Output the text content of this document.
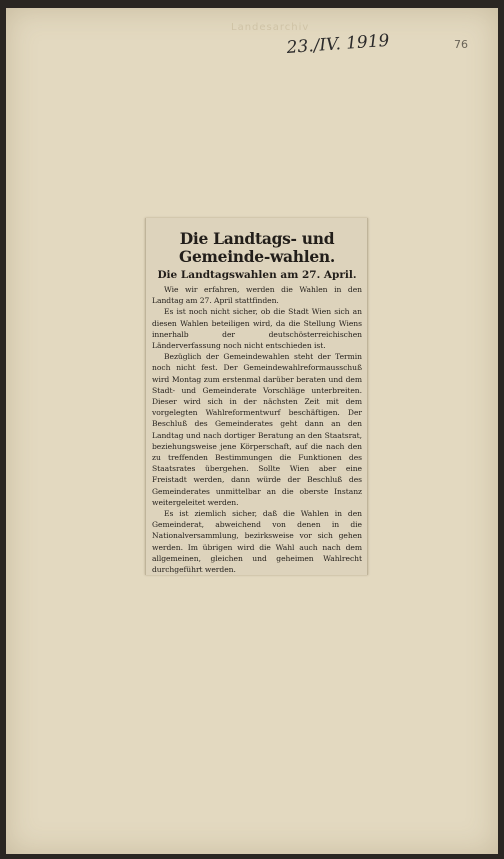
Landesarchiv
23./IV. 1919	76
Die Landtags- und Gemeinde-wahlen.
Die Landtagswahlen am 27. April.

Wie wir erfahren, werden die Wahlen in den Landtag am 27. April stattfinden.

Es ist noch nicht sicher, ob die Stadt Wien sich an diesen Wahlen beteiligen wird, da die Stellung Wiens innerhalb der deutschösterreichischen Länderverfassung noch nicht entschieden ist.

Bezüglich der Gemeindewahlen steht der Termin noch nicht fest. Der Gemeindewahlreformausschuß wird Montag zum erstenmal darüber beraten und dem Stadt- und Gemeinderate Vorschläge unterbreiten. Dieser wird sich in der nächsten Zeit mit dem vorgelegten Wahlreformentwurf beschäftigen. Der Beschluß des Gemeinderates geht dann an den Landtag und nach dortiger Beratung an den Staatsrat, beziehungsweise jene Körperschaft, auf die nach den zu treffenden Bestimmungen die Funktionen des Staatsrates übergehen. Sollte Wien aber eine Freistadt werden, dann würde der Beschluß des Gemeinderates unmittelbar an die oberste Instanz weitergeleitet werden.

Es ist ziemlich sicher, daß die Wahlen in den Gemeinderat, abweichend von denen in die Nationalversammlung, bezirksweise vor sich gehen werden. Im übrigen wird die Wahl auch nach dem allgemeinen, gleichen und geheimen Wahlrecht durchgeführt werden.
